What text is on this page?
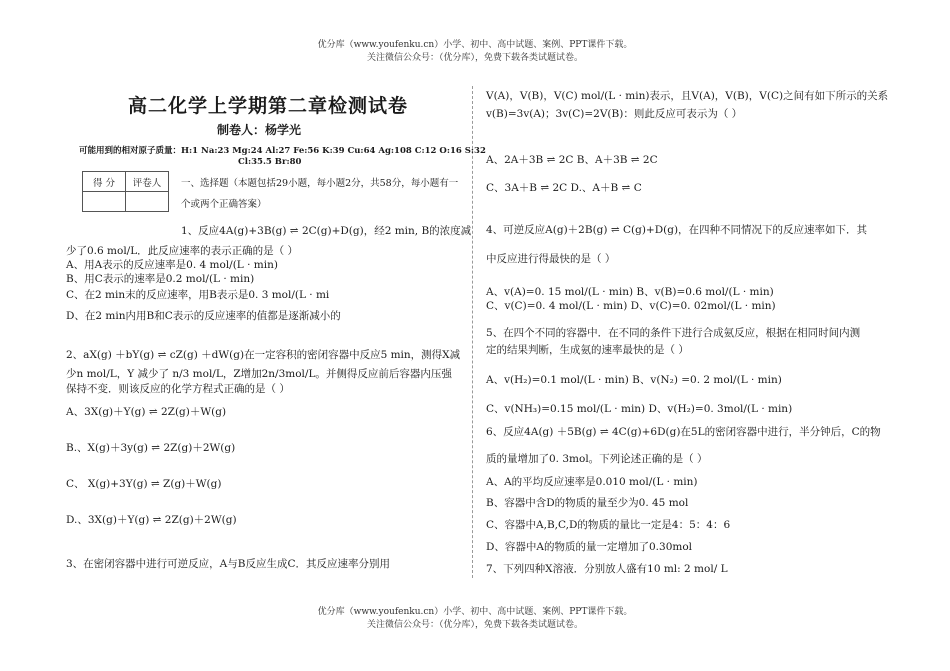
优分库（www.youfenku.cn）小学、初中、高中试题、案例、PPT课件下载。
关注微信公众号：（优分库），免费下载各类试题试卷。
高二化学上学期第二章检测试卷
制卷人：杨学光
可能用到的相对原子质量：H:1 Na:23 Mg:24 Al:27 Fe:56 K:39 Cu:64 Ag:108 C:12 O:16 S:32
Cl:35.5 Br:80
得 分	评卷人
	一、选择题（本题包括29小题，每小题2分，共58分，每小题有一
个或两个正确答案）
1、反应4A(g)+3B(g) ⇌ 2C(g)+D(g)，经2 min, B的浓度减
少了0.6 mol/L．此反应速率的表示正确的是（ ）
A、用A表示的反应速率是0. 4 mol/(L · min)
B、用C表示的速率是0.2 mol/(L · min)
C、在2 min末的反应速率，用B表示是0. 3 mol/(L · mi
D、在2 min内用B和C表示的反应速率的值都是逐渐减小的
2、aX(g) ＋bY(g) ⇌ cZ(g) ＋dW(g)在一定容积的密闭容器中反应5 min，测得X减
少n mol/L，Y 减少了 n/3 mol/L，Z增加2n/3mol/L。并侧得反应前后容器内压强
保持不变．则该反应的化学方程式正确的是（ ）
A、3X(g)＋Y(g) ⇌ 2Z(g)＋W(g)
B.、X(g)＋3y(g) ⇌ 2Z(g)＋2W(g)
C、 X(g)+3Y(g) ⇌ Z(g)＋W(g)
D.、3X(g)＋Y(g) ⇌ 2Z(g)＋2W(g)
3、在密闭容器中进行可逆反应，A与B反应生成C．其反应速率分别用
V(A)，V(B)，V(C) mol/(L · min)表示，且V(A)，V(B)，V(C)之间有如下所示的关系
v(B)=3v(A)；3v(C)=2V(B)：则此反应可表示为（ ）
A、2A＋3B ⇌ 2C B、A＋3B ⇌ 2C
C、3A＋B ⇌ 2C D.、A＋B ⇌ C
4、可逆反应A(g)＋2B(g) ⇌ C(g)+D(g)，在四种不同情况下的反应速率如下．其
中反应进行得最快的是（ ）
A、v(A)=0. 15 mol/(L · min) B、v(B)=0.6 mol/(L · min)
C、v(C)=0. 4 mol/(L · min) D、v(C)=0. 02mol/(L · min)
5、在四个不同的容器中．在不同的条件下进行合成氨反应，根据在相同时间内测
定的结果判断，生成氨的速率最快的是（ ）
A、v(H₂)=0.1 mol/(L · min) B、v(N₂) =0. 2 mol/(L · min)
C、v(NH₃)=0.15 mol/(L · min) D、v(H₂)=0. 3mol/(L · min)
6、反应4A(g) ＋5B(g) ⇌ 4C(g)+6D(g)在5L的密闭容器中进行，半分钟后，C的物
质的量增加了0. 3mol。下列论述正确的是（ ）
A、A的平均反应速率是0.010 mol/(L · min)
B、容器中含D的物质的量至少为0. 45 mol
C、容器中A,B,C,D的物质的量比一定是4：5：4：6
D、容器中A的物质的量一定增加了0.30mol
7、下列四种X溶液．分别放人盛有10 ml: 2 mol/ L
优分库（www.youfenku.cn）小学、初中、高中试题、案例、PPT课件下载。
关注微信公众号：（优分库），免费下载各类试题试卷。
